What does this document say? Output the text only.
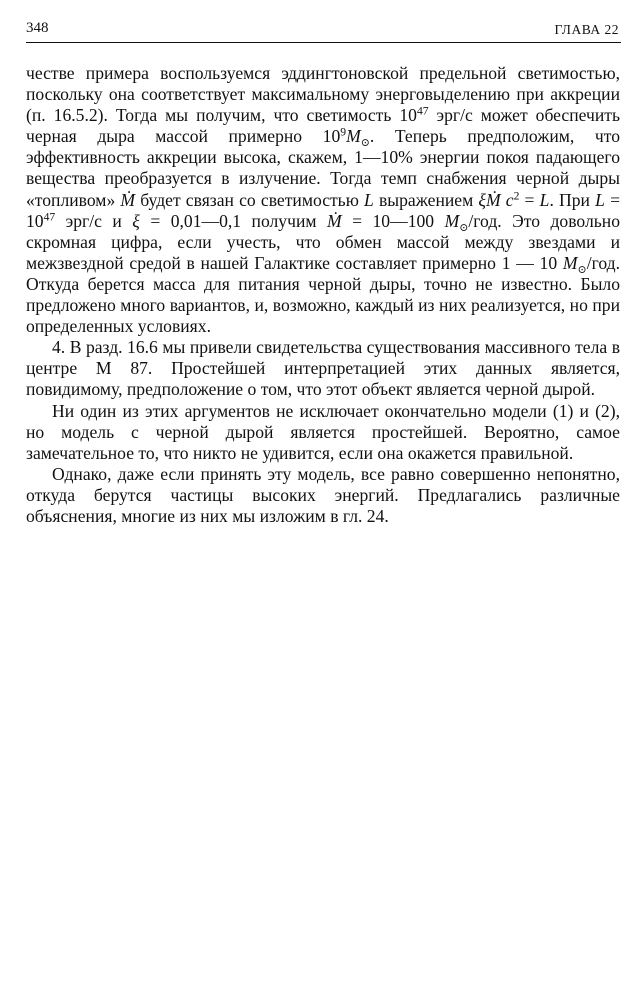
348	ГЛАВА 22

честве примера воспользуемся эддингтоновской предельной светимостью, поскольку она соответствует максимальному энерговыделению при аккреции (п. 16.5.2). Тогда мы получим, что светимость $10^{47}$ эрг/с может обеспечить черная дыра массой примерно $10^9M_⊙$. Теперь предположим, что эффективность аккреции высока, скажем, 1—10% энергии покоя падающего вещества преобразуется в излучение. Тогда темп снабжения черной дыры «топливом» Ṁ будет связан со светимостью L выражением ξṀ $c^2 = L$. При $L = 10^{47}$ эрг/с и ξ = 0,01—0,1 получим Ṁ = 10—100 $M_⊙$/год. Это довольно скромная цифра, если учесть, что обмен массой между звездами и межзвездной средой в нашей Галактике составляет примерно 1 — 10 $M_⊙$/год. Откуда берется масса для питания черной дыры, точно не известно. Было предложено много вариантов, и, возможно, каждый из них реализуется, но при определенных условиях.

4. В разд. 16.6 мы привели свидетельства существования массивного тела в центре М 87. Простейшей интерпретацией этих данных является, повидимому, предположение о том, что этот объект является черной дырой.

Ни один из этих аргументов не исключает окончательно модели (1) и (2), но модель с черной дырой является простейшей. Вероятно, самое замечательное то, что никто не удивится, если она окажется правильной.

Однако, даже если принять эту модель, все равно совершенно непонятно, откуда берутся частицы высоких энергий. Предлагались различные объяснения, многие из них мы изложим в гл. 24.
